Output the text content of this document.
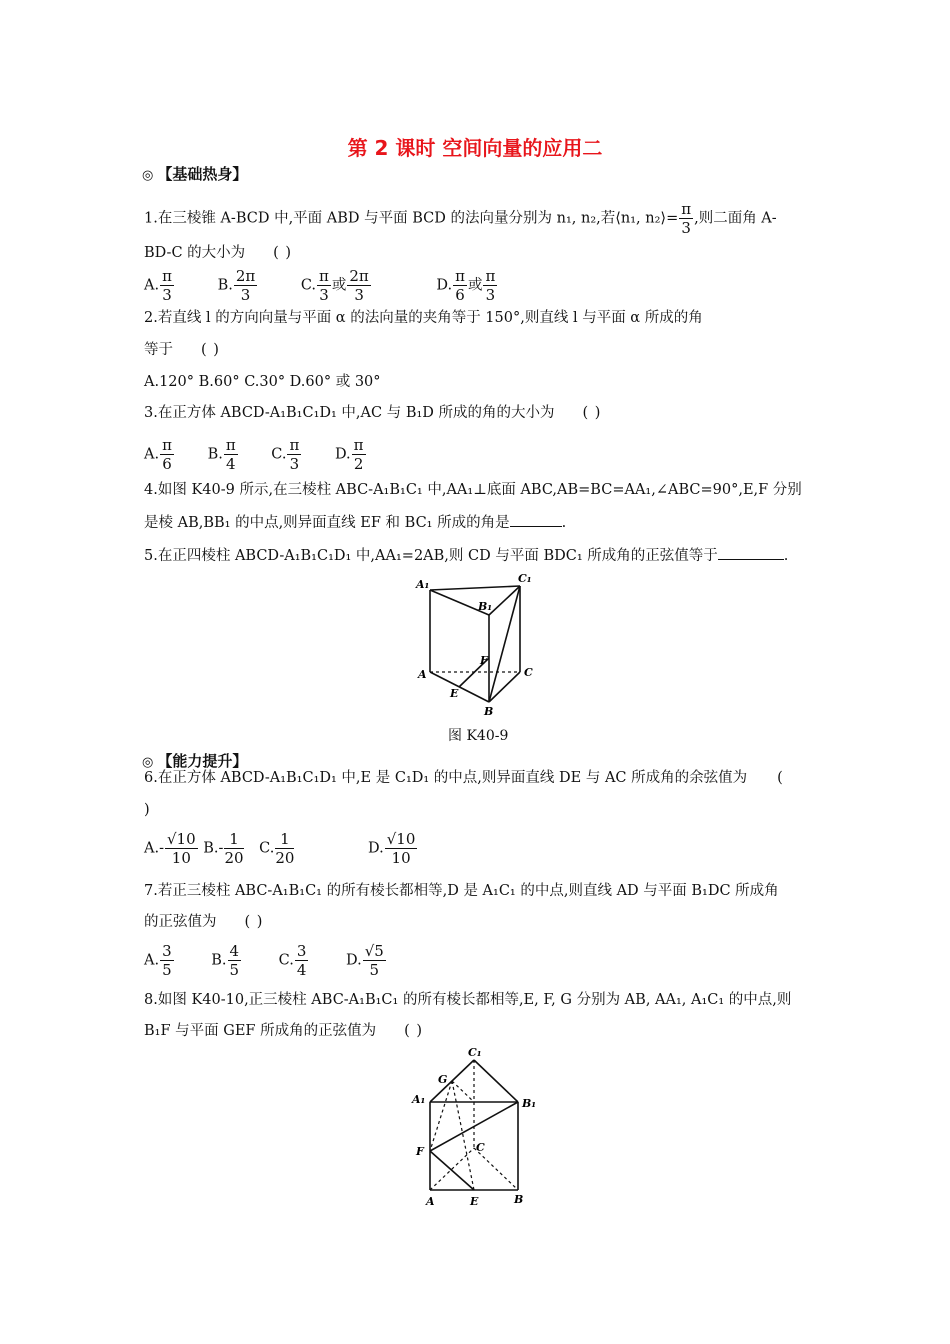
第 2 课时 空间向量的应用二
◎ 【基础热身】
1.在三棱锥 A-BCD 中,平面 ABD 与平面 BCD 的法向量分别为 n₁, n₂,若⟨n₁, n₂⟩= $\frac{\pi}{3}$ ,则二面角 A-
BD-C 的大小为 ( )
A. $\frac{\pi}{3}$	B. $\frac{2\pi}{3}$	C. $\frac{\pi}{3}$ 或 $\frac{2\pi}{3}$	D. $\frac{\pi}{6}$ 或 $\frac{\pi}{3}$
2.若直线 l 的方向向量与平面 α 的法向量的夹角等于 150°,则直线 l 与平面 α 所成的角
等于 ( )
A.120° B.60° C.30° D.60° 或 30°
3.在正方体 ABCD-A₁B₁C₁D₁ 中,AC 与 B₁D 所成的角的大小为 ( )
A. $\frac{\pi}{6} B$. $\frac{\pi}{4} C$. $\frac{\pi}{3} D$. $\frac{\pi}{2}$
4.如图 K40-9 所示,在三棱柱 ABC-A₁B₁C₁ 中,AA₁⊥底面 ABC,AB=BC=AA₁,∠ABC=90°,E,F 分别
是棱 AB,BB₁ 的中点,则异面直线 EF 和 BC₁ 所成的角是	.
5.在正四棱柱 ABCD-A₁B₁C₁D₁ 中,AA₁=2AB,则 CD 与平面 BDC₁ 所成角的正弦值等于	.
A₁	C₁
B₁
F
C
A
E
B
图 K40-9
◎ 【能力提升】
6.在正方体 ABCD-A₁B₁C₁D₁ 中,E 是 C₁D₁ 的中点,则异面直线 DE 与 AC 所成角的余弦值为 (
)
$A.- \frac{√10}{10} B.- \frac{1}{20} C$. $\frac{1}{20}$	D. $\frac{√10}{10}$
7.若正三棱柱 ABC-A₁B₁C₁ 的所有棱长都相等,D 是 A₁C₁ 的中点,则直线 AD 与平面 B₁DC 所成角
的正弦值为 ( )
A. $\frac{3}{5}$	B. $\frac{4}{5}$	C. $\frac{3}{4}$	D. $\frac{√5}{5}$
8.如图 K40-10,正三棱柱 ABC-A₁B₁C₁ 的所有棱长都相等,E, F, G 分别为 AB, AA₁, A₁C₁ 的中点,则
B₁F 与平面 GEF 所成角的正弦值为 ( )
C₁
G
A₁	B₁
F	C
A	E	B
